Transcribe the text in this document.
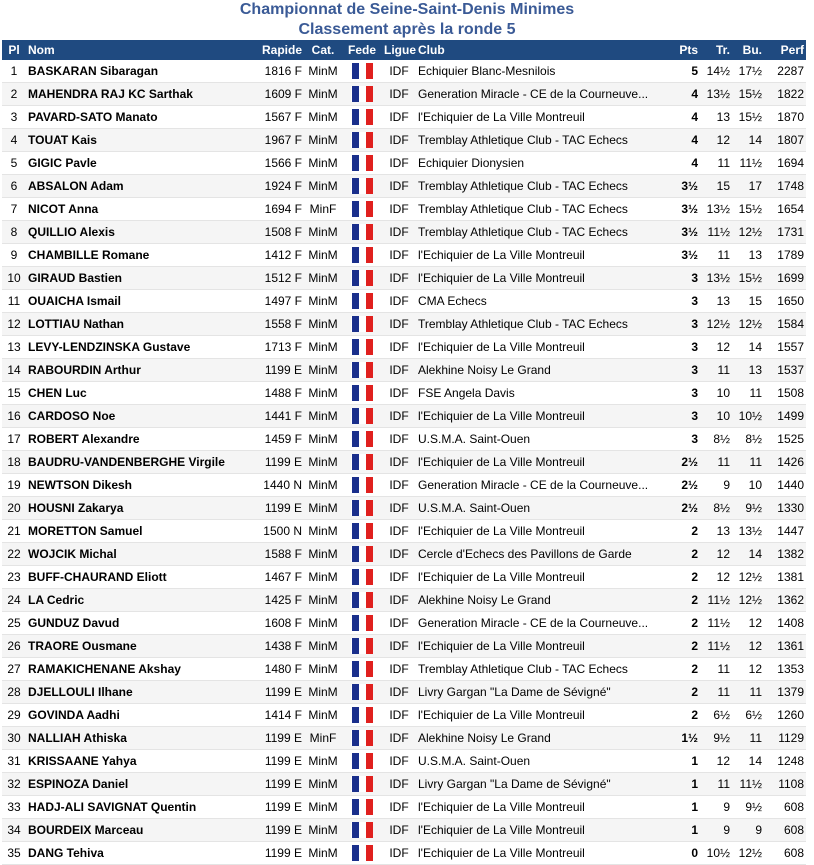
Championnat de Seine-Saint-Denis Minimes
Classement après la ronde 5
Pl	Nom	Rapide	Cat.	Fede	Ligue	Club	Pts	Tr.	Bu.	Perf
1	BASKARAN Sibaragan	1816 F	MinM		IDF	Echiquier Blanc-Mesnilois	5	14½	17½	2287
2	MAHENDRA RAJ KC Sarthak	1609 F	MinM		IDF	Generation Miracle - CE de la Courneuve...	4	13½	15½	1822
3	PAVARD-SATO Manato	1567 F	MinM		IDF	l'Echiquier de La Ville Montreuil	4	13	15½	1870
4	TOUAT Kais	1967 F	MinM		IDF	Tremblay Athletique Club - TAC Echecs	4	12	14	1807
5	GIGIC Pavle	1566 F	MinM		IDF	Echiquier Dionysien	4	11	11½	1694
6	ABSALON Adam	1924 F	MinM		IDF	Tremblay Athletique Club - TAC Echecs	3½	15	17	1748
7	NICOT Anna	1694 F	MinF		IDF	Tremblay Athletique Club - TAC Echecs	3½	13½	15½	1654
8	QUILLIO Alexis	1508 F	MinM		IDF	Tremblay Athletique Club - TAC Echecs	3½	11½	12½	1731
9	CHAMBILLE Romane	1412 F	MinM		IDF	l'Echiquier de La Ville Montreuil	3½	11	13	1789
10	GIRAUD Bastien	1512 F	MinM		IDF	l'Echiquier de La Ville Montreuil	3	13½	15½	1699
11	OUAICHA Ismail	1497 F	MinM		IDF	CMA Echecs	3	13	15	1650
12	LOTTIAU Nathan	1558 F	MinM		IDF	Tremblay Athletique Club - TAC Echecs	3	12½	12½	1584
13	LEVY-LENDZINSKA Gustave	1713 F	MinM		IDF	l'Echiquier de La Ville Montreuil	3	12	14	1557
14	RABOURDIN Arthur	1199 E	MinM		IDF	Alekhine Noisy Le Grand	3	11	13	1537
15	CHEN Luc	1488 F	MinM		IDF	FSE Angela Davis	3	10	11	1508
16	CARDOSO Noe	1441 F	MinM		IDF	l'Echiquier de La Ville Montreuil	3	10	10½	1499
17	ROBERT Alexandre	1459 F	MinM		IDF	U.S.M.A. Saint-Ouen	3	8½	8½	1525
18	BAUDRU-VANDENBERGHE Virgile	1199 E	MinM		IDF	l'Echiquier de La Ville Montreuil	2½	11	11	1426
19	NEWTSON Dikesh	1440 N	MinM		IDF	Generation Miracle - CE de la Courneuve...	2½	9	10	1440
20	HOUSNI Zakarya	1199 E	MinM		IDF	U.S.M.A. Saint-Ouen	2½	8½	9½	1330
21	MORETTON Samuel	1500 N	MinM		IDF	l'Echiquier de La Ville Montreuil	2	13	13½	1447
22	WOJCIK Michal	1588 F	MinM		IDF	Cercle d'Echecs des Pavillons de Garde	2	12	14	1382
23	BUFF-CHAURAND Eliott	1467 F	MinM		IDF	l'Echiquier de La Ville Montreuil	2	12	12½	1381
24	LA Cedric	1425 F	MinM		IDF	Alekhine Noisy Le Grand	2	11½	12½	1362
25	GUNDUZ Davud	1608 F	MinM		IDF	Generation Miracle - CE de la Courneuve...	2	11½	12	1408
26	TRAORE Ousmane	1438 F	MinM		IDF	l'Echiquier de La Ville Montreuil	2	11½	12	1361
27	RAMAKICHENANE Akshay	1480 F	MinM		IDF	Tremblay Athletique Club - TAC Echecs	2	11	12	1353
28	DJELLOULI Ilhane	1199 E	MinM		IDF	Livry Gargan "La Dame de Sévigné"	2	11	11	1379
29	GOVINDA Aadhi	1414 F	MinM		IDF	l'Echiquier de La Ville Montreuil	2	6½	6½	1260
30	NALLIAH Athiska	1199 E	MinF		IDF	Alekhine Noisy Le Grand	1½	9½	11	1129
31	KRISSAANE Yahya	1199 E	MinM		IDF	U.S.M.A. Saint-Ouen	1	12	14	1248
32	ESPINOZA Daniel	1199 E	MinM		IDF	Livry Gargan "La Dame de Sévigné"	1	11	11½	1108
33	HADJ-ALI SAVIGNAT Quentin	1199 E	MinM		IDF	l'Echiquier de La Ville Montreuil	1	9	9½	608
34	BOURDEIX Marceau	1199 E	MinM		IDF	l'Echiquier de La Ville Montreuil	1	9	9	608
35	DANG Tehiva	1199 E	MinM		IDF	l'Echiquier de La Ville Montreuil	0	10½	12½	608
